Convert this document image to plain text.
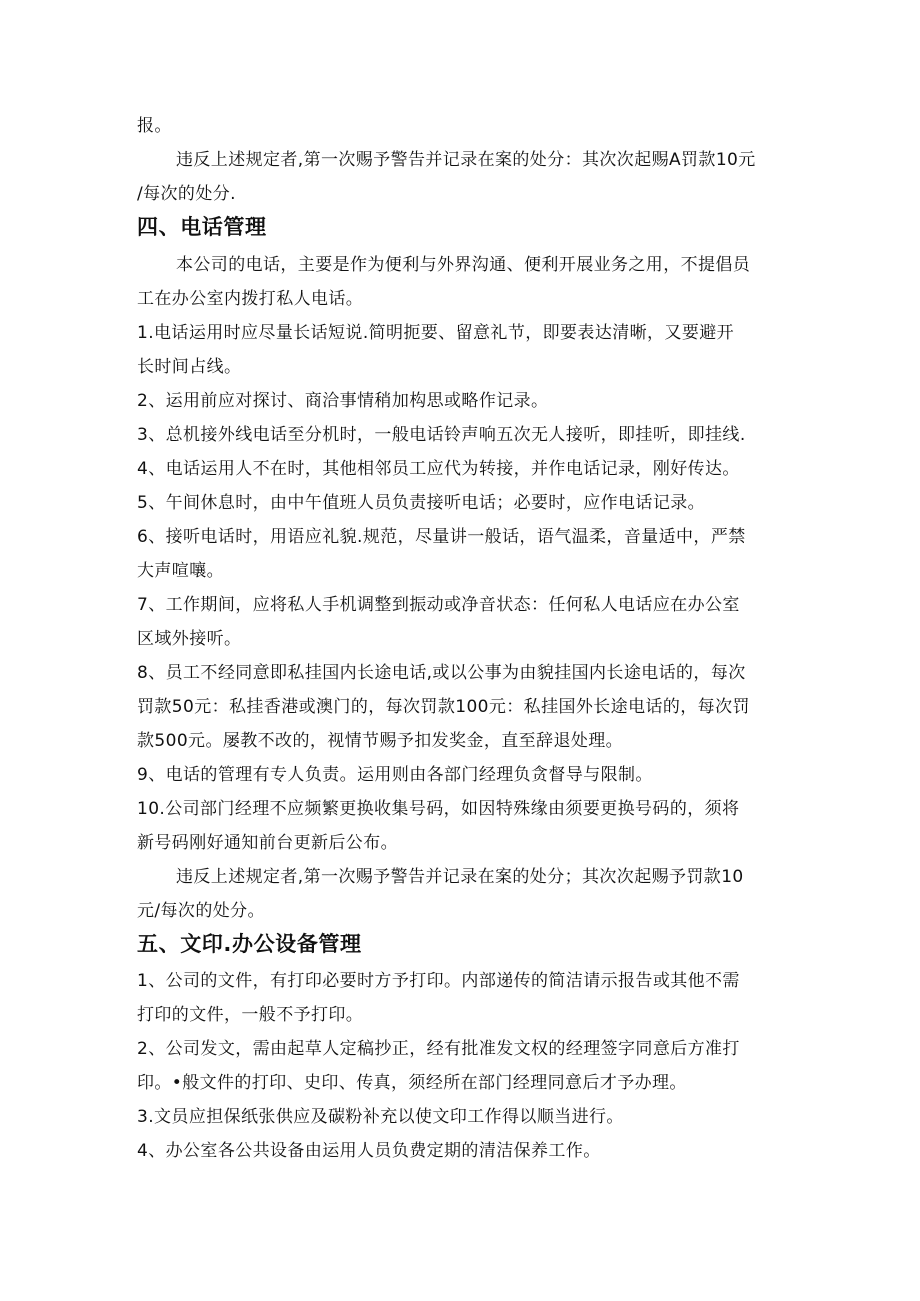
报。
违反上述规定者,第一次赐予警告并记录在案的处分：其次次起赐A罚款10元
/每次的处分.
四、电话管理
本公司的电话，主要是作为便利与外界沟通、便利开展业务之用，不提倡员
工在办公室内拨打私人电话。
1.电话运用时应尽量长话短说.简明扼要、留意礼节，即要表达清晰，又要避开
长时间占线。
2、运用前应对探讨、商洽事情稍加构思或略作记录。
3、总机接外线电话至分机时，一般电话铃声响五次无人接听，即挂听，即挂线.
4、电话运用人不在时，其他相邻员工应代为转接，并作电话记录，刚好传达。
5、午间休息时，由中午值班人员负责接听电话；必要时，应作电话记录。
6、接听电话时，用语应礼貌.规范，尽量讲一般话，语气温柔，音量适中，严禁
大声喧嚷。
7、工作期间，应将私人手机调整到振动或净音状态：任何私人电话应在办公室
区域外接听。
8、员工不经同意即私挂国内长途电话,或以公事为由貌挂国内长途电话的，每次
罚款50元：私挂香港或澳门的，每次罚款100元：私挂国外长途电话的，每次罚
款500元。屡教不改的，视情节赐予扣发奖金，直至辞退处理。
9、电话的管理有专人负责。运用则由各部门经理负贪督导与限制。
10.公司部门经理不应频繁更换收集号码，如因特殊缘由须要更换号码的，须将
新号码刚好通知前台更新后公布。
违反上述规定者,第一次赐予警告并记录在案的处分；其次次起赐予罚款10
元/每次的处分。
五、文印.办公设备管理
1、公司的文件，有打印必要时方予打印。内部递传的简洁请示报告或其他不需
打印的文件，一般不予打印。
2、公司发文，需由起草人定稿抄正，经有批准发文权的经理签字同意后方准打
印。•般文件的打印、史印、传真，须经所在部门经理同意后才予办理。
3.文员应担保纸张供应及碳粉补充以使文印工作得以顺当进行。
4、办公室各公共设备由运用人员负费定期的清洁保养工作。
